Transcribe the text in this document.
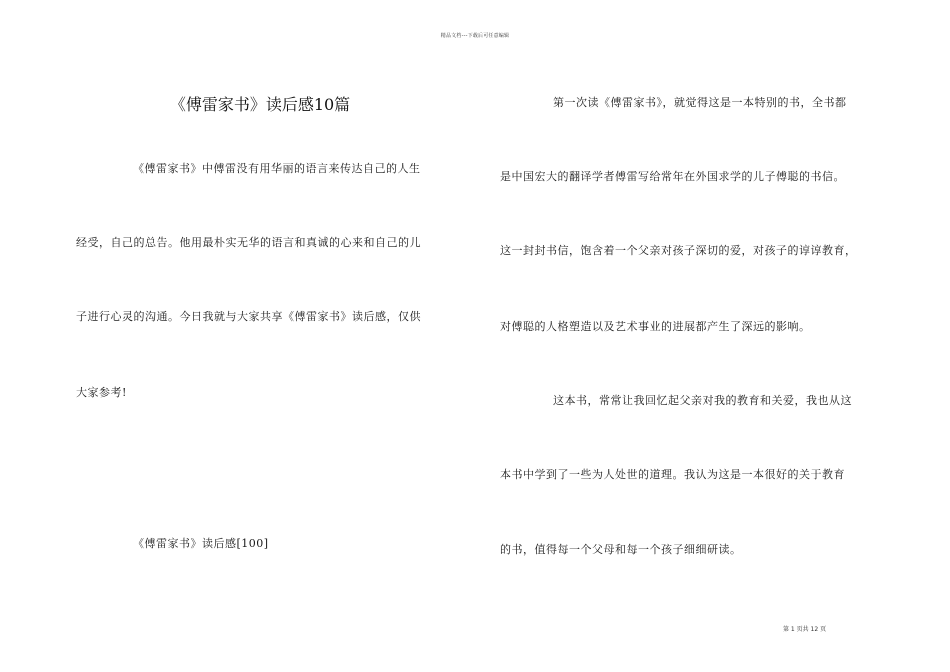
精品文档---下载后可任意编辑
《傅雷家书》读后感10篇
《傅雷家书》中傅雷没有用华丽的语言来传达自己的人生
经受，自己的总告。他用最朴实无华的语言和真诚的心来和自己的儿
子进行心灵的沟通。今日我就与大家共享《傅雷家书》读后感，仅供
大家参考!
《傅雷家书》读后感[100]
第一次读《傅雷家书》，就觉得这是一本特别的书，全书都
是中国宏大的翻译学者傅雷写给常年在外国求学的儿子傅聪的书信。
这一封封书信，饱含着一个父亲对孩子深切的爱，对孩子的谆谆教育，
对傅聪的人格塑造以及艺术事业的进展都产生了深远的影响。
这本书，常常让我回忆起父亲对我的教育和关爱，我也从这
本书中学到了一些为人处世的道理。我认为这是一本很好的关于教育
的书，值得每一个父母和每一个孩子细细研读。
第 1 页共 12 页
